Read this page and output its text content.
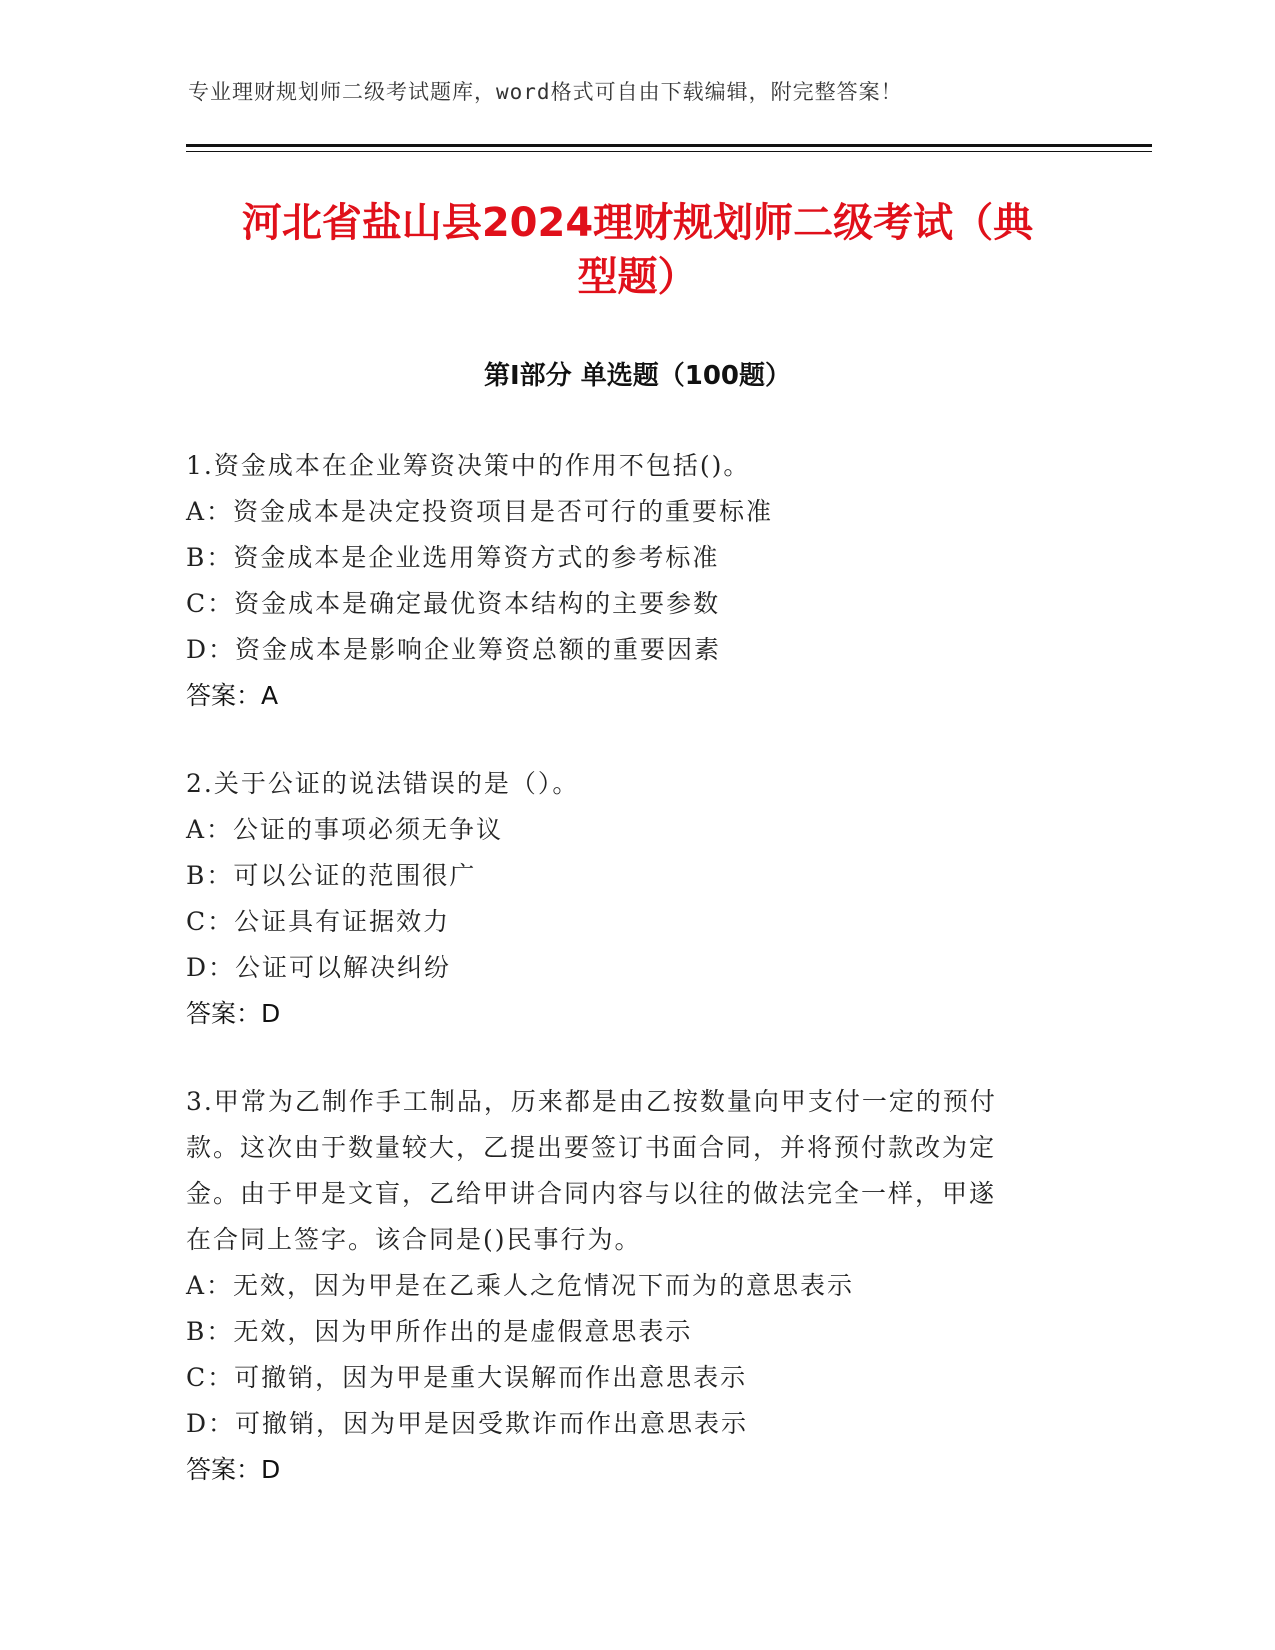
专业理财规划师二级考试题库，word格式可自由下载编辑，附完整答案！
河北省盐山县2024理财规划师二级考试（典
型题）
第Ⅰ部分 单选题（100题）

1.资金成本在企业筹资决策中的作用不包括()。

A：资金成本是决定投资项目是否可行的重要标准

B：资金成本是企业选用筹资方式的参考标准

C：资金成本是确定最优资本结构的主要参数

D：资金成本是影响企业筹资总额的重要因素

答案：A

2.关于公证的说法错误的是（）。

A：公证的事项必须无争议

B：可以公证的范围很广

C：公证具有证据效力

D：公证可以解决纠纷

答案：D

3.甲常为乙制作手工制品，历来都是由乙按数量向甲支付一定的预付

款。这次由于数量较大，乙提出要签订书面合同，并将预付款改为定

金。由于甲是文盲，乙给甲讲合同内容与以往的做法完全一样，甲遂

在合同上签字。该合同是()民事行为。

A：无效，因为甲是在乙乘人之危情况下而为的意思表示

B：无效，因为甲所作出的是虚假意思表示

C：可撤销，因为甲是重大误解而作出意思表示

D：可撤销，因为甲是因受欺诈而作出意思表示

答案：D
